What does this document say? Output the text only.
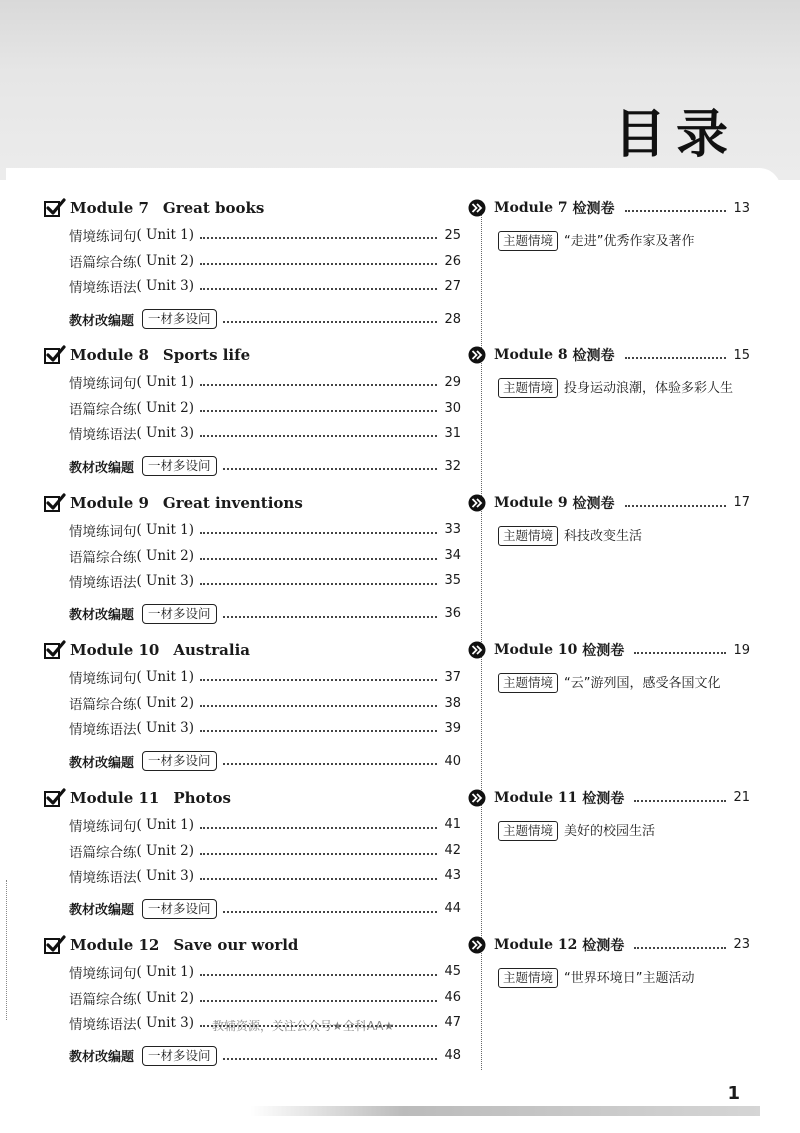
目录
Module 7 Great books
情境练词句 ( Unit 1)	25
语篇综合练 ( Unit 2)	26
情境练语法 ( Unit 3)	27
教材改编题	一材多设问	28
Module 8 Sports life
情境练词句 ( Unit 1)	29
语篇综合练 ( Unit 2)	30
情境练语法 ( Unit 3)	31
教材改编题	一材多设问	32
Module 9 Great inventions
情境练词句 ( Unit 1)	33
语篇综合练 ( Unit 2)	34
情境练语法 ( Unit 3)	35
教材改编题	一材多设问	36
Module 10 Australia
情境练词句 ( Unit 1)	37
语篇综合练 ( Unit 2)	38
情境练语法 ( Unit 3)	39
教材改编题	一材多设问	40
Module 11 Photos
情境练词句 ( Unit 1)	41
语篇综合练 ( Unit 2)	42
情境练语法 ( Unit 3)	43
教材改编题	一材多设问	44
Module 12 Save our world
情境练词句 ( Unit 1)	45
语篇综合练 ( Unit 2)	46
情境练语法 ( Unit 3)	47
教材改编题	一材多设问	48
Module 7
检测卷	13
主题情境 “走进”优秀作家及著作
Module 8
检测卷	15
主题情境 投身运动浪潮，体验多彩人生
Module 9
检测卷	17
主题情境 科技改变生活
Module 10
检测卷	19
主题情境 “云”游列国，感受各国文化
Module 11
检测卷	21
主题情境 美好的校园生活
Module 12
检测卷	23
主题情境 “世界环境日”主题活动
教辅资源，关注公众号★全科AA★
1
